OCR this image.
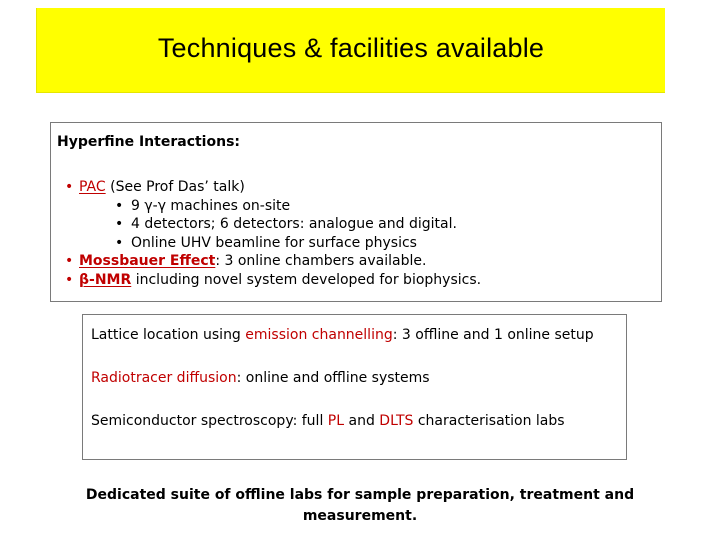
Techniques & facilities available
Hyperfine Interactions:
• PAC (See Prof Das’ talk)
• 9 γ-γ machines on-site
• 4 detectors; 6 detectors: analogue and digital.
• Online UHV beamline for surface physics
• Mossbauer Effect: 3 online chambers available.
• β-NMR including novel system developed for biophysics.

Lattice location using emission channelling: 3 offline and 1 online setup

Radiotracer diffusion: online and offline systems

Semiconductor spectroscopy: full PL and DLTS characterisation labs

Dedicated suite of offline labs for sample preparation, treatment and
measurement.
